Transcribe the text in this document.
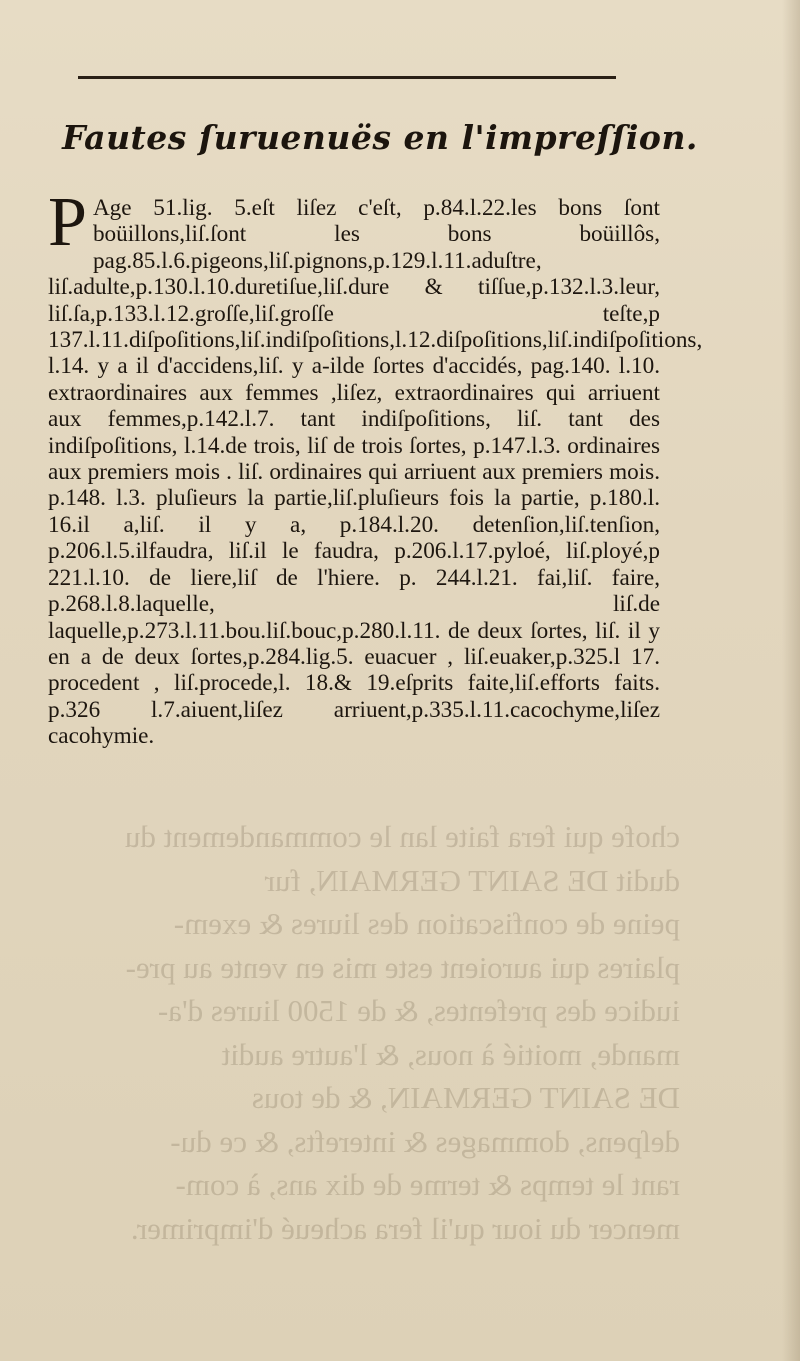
chofe qui fera faite lan le commandement du
dudit DE SAINT GERMAIN, fur
peine de confiscation des liures & exem-
plaires qui auroient este mis en vente au pre-
iudice des prefentes, & de 1500 liures d'a-
mande, moitié à nous, & l'autre audit
DE SAINT GERMAIN, & de tous
deſpens, dommages & interefts, & ce du-
rant le temps & terme de dix ans, à com-
mencer du iour qu'il fera acheué d'imprimer.
Fautes ſuruenuës en l'impreſſion.
P Age 51.lig. 5.eſt liſez c'eſt, p.84.l.22.les bons ſont boüillons,liſ.ſont les bons boüillôs, pag.85.l.6.pigeons,liſ.pignons,p.129.l.11.aduſtre, liſ.adulte,p.130.l.10.duretiſue,liſ.dure & tiſſue,p.132.l.3.leur, liſ.ſa,p.133.l.12.groſſe,liſ.groſſe teſte,p 137.l.11.diſpoſitions,liſ.indiſpoſitions,l.12.diſpoſitions,liſ.indiſpoſitions, l.14. y a il d'accidens,liſ. y a-ilde ſortes d'accidés, pag.140. l.10. extraordinaires aux femmes ,liſez, extraordinaires qui arriuent aux femmes,p.142.l.7. tant indiſpoſitions, liſ. tant des indiſpoſitions, l.14.de trois, liſ de trois ſortes, p.147.l.3. ordinaires aux premiers mois . liſ. ordinaires qui arriuent aux premiers mois. p.148. l.3. pluſieurs la partie,liſ.pluſieurs fois la partie, p.180.l. 16.il a,liſ. il y a, p.184.l.20. detenſion,liſ.tenſion, p.206.l.5.ilfaudra, liſ.il le faudra, p.206.l.17.pyloé, liſ.ployé,p 221.l.10. de liere,liſ de l'hiere. p. 244.l.21. fai,liſ. faire, p.268.l.8.laquelle, liſ.de laquelle,p.273.l.11.bou.liſ.bouc,p.280.l.11. de deux ſortes, liſ. il y en a de deux ſortes,p.284.lig.5. euacuer , liſ.euaker,p.325.l 17. procedent , liſ.procede,l. 18.& 19.eſprits faite,liſ.efforts faits. p.326 l.7.aiuent,liſez arriuent,p.335.l.11.cacochyme,liſez cacohymie.
